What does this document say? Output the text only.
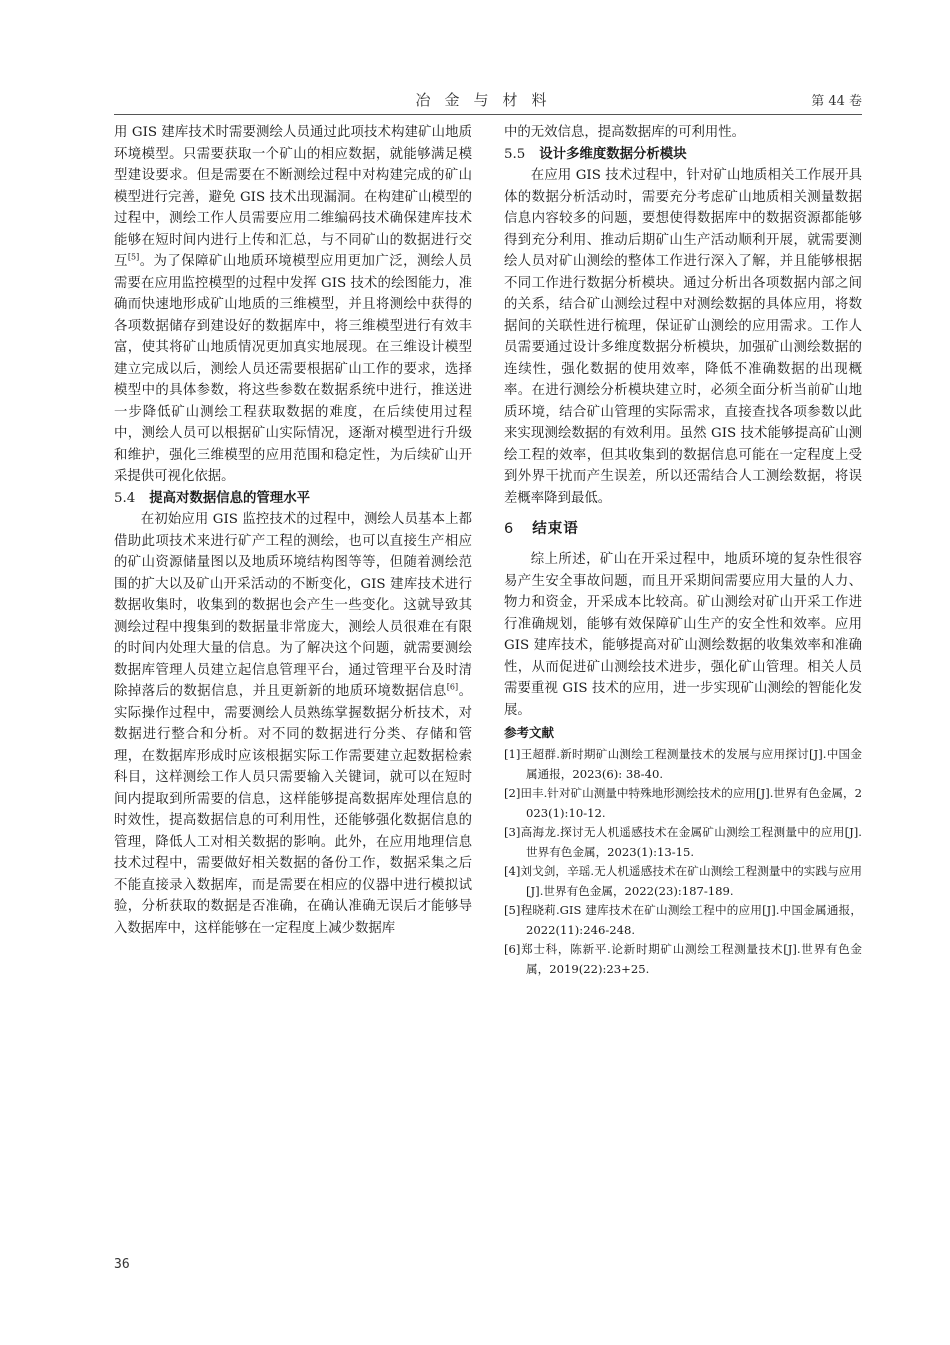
冶金与材料	第 44 卷

用 GIS 建库技术时需要测绘人员通过此项技术构建矿山地质环境模型。只需要获取一个矿山的相应数据，就能够满足模型建设要求。但是需要在不断测绘过程中对构建完成的矿山模型进行完善，避免 GIS 技术出现漏洞。在构建矿山模型的过程中，测绘工作人员需要应用二维编码技术确保建库技术能够在短时间内进行上传和汇总，与不同矿山的数据进行交互[5]。为了保障矿山地质环境模型应用更加广泛，测绘人员需要在应用监控模型的过程中发挥 GIS 技术的绘图能力，准确而快速地形成矿山地质的三维模型，并且将测绘中获得的各项数据储存到建设好的数据库中，将三维模型进行有效丰富，使其将矿山地质情况更加真实地展现。在三维设计模型建立完成以后，测绘人员还需要根据矿山工作的要求，选择模型中的具体参数，将这些参数在数据系统中进行，推送进一步降低矿山测绘工程获取数据的难度，在后续使用过程中，测绘人员可以根据矿山实际情况，逐渐对模型进行升级和维护，强化三维模型的应用范围和稳定性，为后续矿山开采提供可视化依据。

5.4 提高对数据信息的管理水平

在初始应用 GIS 监控技术的过程中，测绘人员基本上都借助此项技术来进行矿产工程的测绘，也可以直接生产相应的矿山资源储量图以及地质环境结构图等等，但随着测绘范围的扩大以及矿山开采活动的不断变化，GIS 建库技术进行数据收集时，收集到的数据也会产生一些变化。这就导致其测绘过程中搜集到的数据量非常庞大，测绘人员很难在有限的时间内处理大量的信息。为了解决这个问题，就需要测绘数据库管理人员建立起信息管理平台，通过管理平台及时清除掉落后的数据信息，并且更新新的地质环境数据信息[6]。实际操作过程中，需要测绘人员熟练掌握数据分析技术，对数据进行整合和分析。对不同的数据进行分类、存储和管理，在数据库形成时应该根据实际工作需要建立起数据检索科目，这样测绘工作人员只需要输入关键词，就可以在短时间内提取到所需要的信息，这样能够提高数据库处理信息的时效性，提高数据信息的可利用性，还能够强化数据信息的管理，降低人工对相关数据的影响。此外，在应用地理信息技术过程中，需要做好相关数据的备份工作，数据采集之后不能直接录入数据库，而是需要在相应的仪器中进行模拟试验，分析获取的数据是否准确，在确认准确无误后才能够导入数据库中，这样能够在一定程度上减少数据库

中的无效信息，提高数据库的可利用性。

5.5 设计多维度数据分析模块

在应用 GIS 技术过程中，针对矿山地质相关工作展开具体的数据分析活动时，需要充分考虑矿山地质相关测量数据信息内容较多的问题，要想使得数据库中的数据资源都能够得到充分利用、推动后期矿山生产活动顺利开展，就需要测绘人员对矿山测绘的整体工作进行深入了解，并且能够根据不同工作进行数据分析模块。通过分析出各项数据内部之间的关系，结合矿山测绘过程中对测绘数据的具体应用，将数据间的关联性进行梳理，保证矿山测绘的应用需求。工作人员需要通过设计多维度数据分析模块，加强矿山测绘数据的连续性，强化数据的使用效率，降低不准确数据的出现概率。在进行测绘分析模块建立时，必须全面分析当前矿山地质环境，结合矿山管理的实际需求，直接查找各项参数以此来实现测绘数据的有效利用。虽然 GIS 技术能够提高矿山测绘工程的效率，但其收集到的数据信息可能在一定程度上受到外界干扰而产生误差，所以还需结合人工测绘数据，将误差概率降到最低。

6 结束语

综上所述，矿山在开采过程中，地质环境的复杂性很容易产生安全事故问题，而且开采期间需要应用大量的人力、物力和资金，开采成本比较高。矿山测绘对矿山开采工作进行准确规划，能够有效保障矿山生产的安全性和效率。应用 GIS 建库技术，能够提高对矿山测绘数据的收集效率和准确性，从而促进矿山测绘技术进步，强化矿山管理。相关人员需要重视 GIS 技术的应用，进一步实现矿山测绘的智能化发展。

参考文献

[1]王超群.新时期矿山测绘工程测量技术的发展与应用探讨[J].中国金属通报，2023(6): 38-40.

[2]田丰.针对矿山测量中特殊地形测绘技术的应用[J].世界有色金属，2023(1):10-12.

[3]高海龙.探讨无人机遥感技术在金属矿山测绘工程测量中的应用[J].世界有色金属，2023(1):13-15.

[4]刘戈剑，辛瑶.无人机遥感技术在矿山测绘工程测量中的实践与应用[J].世界有色金属，2022(23):187-189.

[5]程晓莉.GIS 建库技术在矿山测绘工程中的应用[J].中国金属通报，2022(11):246-248.

[6]郑士科，陈新平.论新时期矿山测绘工程测量技术[J].世界有色金属，2019(22):23+25.

36
